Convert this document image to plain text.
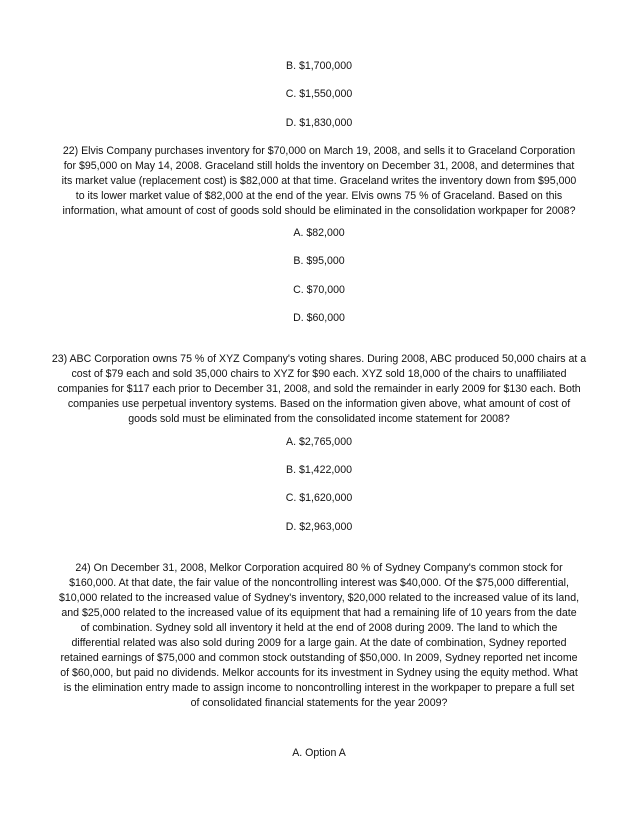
B. $1,700,000
C. $1,550,000
D. $1,830,000
22) Elvis Company purchases inventory for $70,000 on March 19, 2008, and sells it to Graceland Corporation
for $95,000 on May 14, 2008. Graceland still holds the inventory on December 31, 2008, and determines that
its market value (replacement cost) is $82,000 at that time. Graceland writes the inventory down from $95,000
to its lower market value of $82,000 at the end of the year. Elvis owns 75 % of Graceland. Based on this
information, what amount of cost of goods sold should be eliminated in the consolidation workpaper for 2008?
A. $82,000
B. $95,000
C. $70,000
D. $60,000
23) ABC Corporation owns 75 % of XYZ Company's voting shares. During 2008, ABC produced 50,000 chairs at a
cost of $79 each and sold 35,000 chairs to XYZ for $90 each. XYZ sold 18,000 of the chairs to unaffiliated
companies for $117 each prior to December 31, 2008, and sold the remainder in early 2009 for $130 each. Both
companies use perpetual inventory systems. Based on the information given above, what amount of cost of
goods sold must be eliminated from the consolidated income statement for 2008?
A. $2,765,000
B. $1,422,000
C. $1,620,000
D. $2,963,000
24) On December 31, 2008, Melkor Corporation acquired 80 % of Sydney Company's common stock for
$160,000. At that date, the fair value of the noncontrolling interest was $40,000. Of the $75,000 differential,
$10,000 related to the increased value of Sydney's inventory, $20,000 related to the increased value of its land,
and $25,000 related to the increased value of its equipment that had a remaining life of 10 years from the date
of combination. Sydney sold all inventory it held at the end of 2008 during 2009. The land to which the
differential related was also sold during 2009 for a large gain. At the date of combination, Sydney reported
retained earnings of $75,000 and common stock outstanding of $50,000. In 2009, Sydney reported net income
of $60,000, but paid no dividends. Melkor accounts for its investment in Sydney using the equity method. What
is the elimination entry made to assign income to noncontrolling interest in the workpaper to prepare a full set
of consolidated financial statements for the year 2009?
A. Option A
